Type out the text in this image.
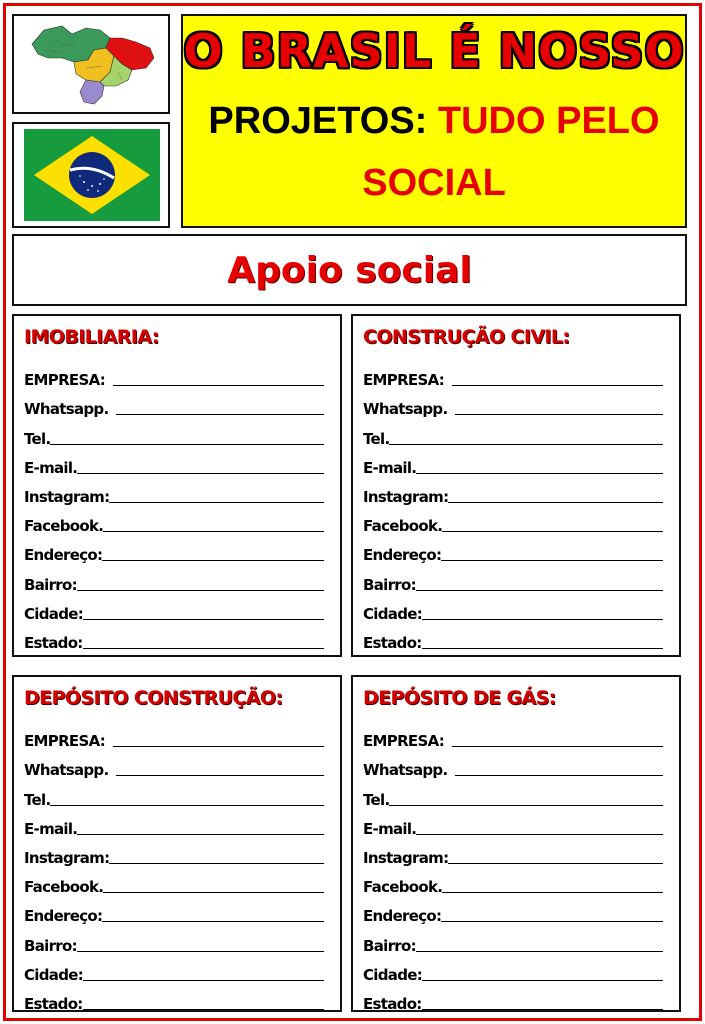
O BRASIL É NOSSO
PROJETOS: TUDO PELO SOCIAL
Apoio social
IMOBILIARIA:
EMPRESA:
Whatsapp.
Tel.
E-mail.
Instagram:
Facebook.
Endereço:
Bairro:
Cidade:
Estado:
CONSTRUÇÃO CIVIL:
EMPRESA:
Whatsapp.
Tel.
E-mail.
Instagram:
Facebook.
Endereço:
Bairro:
Cidade:
Estado:
DEPÓSITO CONSTRUÇÃO:
EMPRESA:
Whatsapp.
Tel.
E-mail.
Instagram:
Facebook.
Endereço:
Bairro:
Cidade:
Estado:
DEPÓSITO DE GÁS:
EMPRESA:
Whatsapp.
Tel.
E-mail.
Instagram:
Facebook.
Endereço:
Bairro:
Cidade:
Estado:
